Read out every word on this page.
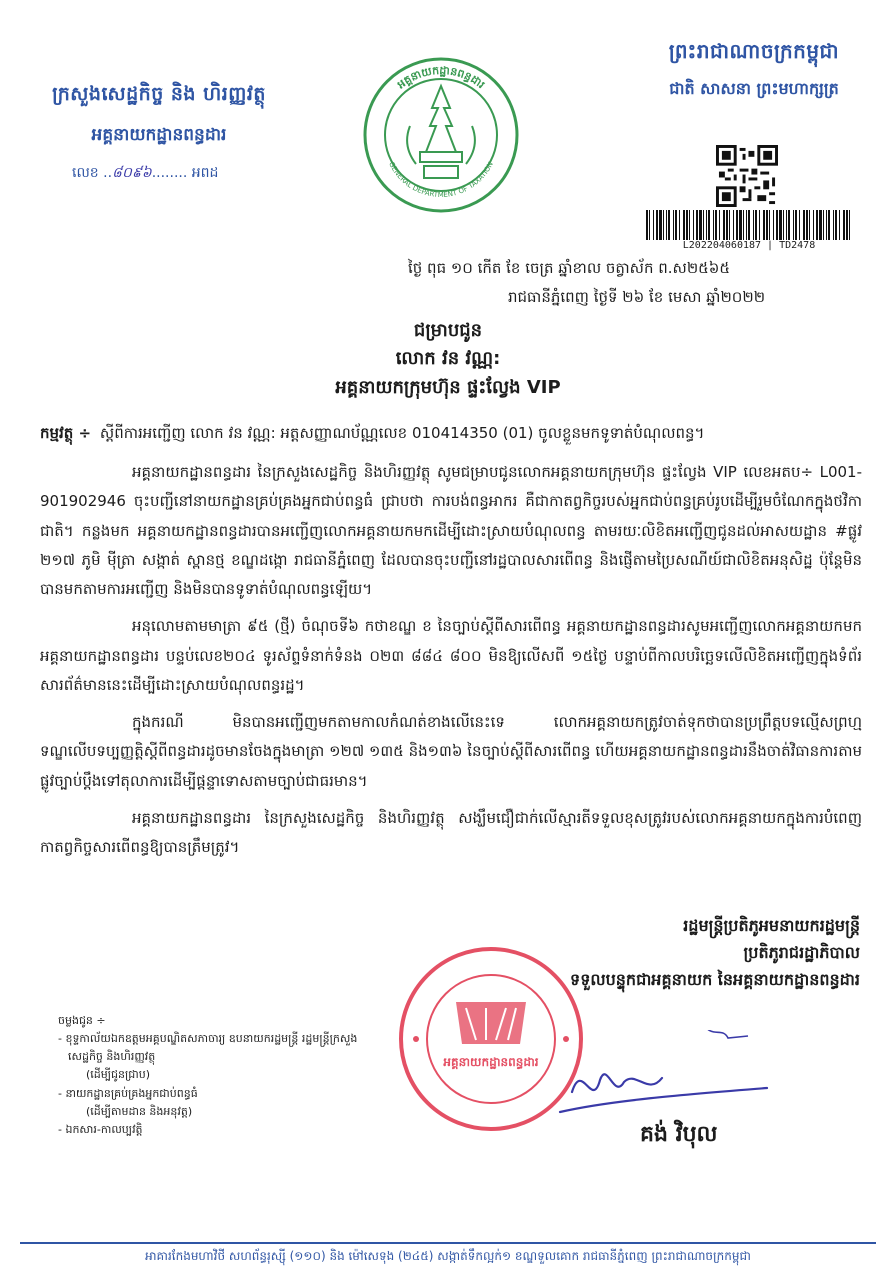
ក្រសួងសេដ្ឋកិច្ច និង ហិរញ្ញវត្ថុ
អគ្គនាយកដ្ឋានពន្ធដារ
លេខ ..៨០៩៦........ អពដ
អគ្គនាយកដ្ឋានពន្ធដារ
GENERAL DEPARTMENT OF TAXATION
ព្រះរាជាណាចក្រកម្ពុជា
ជាតិ សាសនា ព្រះមហាក្សត្រ
L202204060187 | TD2478
ថ្ងៃ ពុធ ១០ កើត ខែ ចេត្រ ឆ្នាំខាល ចត្វាស័ក ព.ស២៥៦៥
រាជធានីភ្នំពេញ ថ្ងៃទី ២៦ ខែ មេសា ឆ្នាំ២០២២
ជម្រាបជូន
លោក វន វណ្ណ:
អគ្គនាយកក្រុមហ៊ុន ផ្ទះល្វែង VIP
កម្មវត្ថុ ÷ ស្តីពីការអញ្ជើញ លោក វន វណ្ណ: អត្តសញ្ញាណប័ណ្ណលេខ 010414350 (01) ចូលខ្លួនមកទូទាត់បំណុលពន្ធ។

អគ្គនាយកដ្ឋានពន្ធដារ នៃក្រសួងសេដ្ឋកិច្ច និងហិរញ្ញវត្ថុ សូមជម្រាបជូនលោកអគ្គនាយកក្រុមហ៊ុន ផ្ទះល្វែង VIP លេខអតប÷ L001-901902946 ចុះបញ្ជីនៅនាយកដ្ឋានគ្រប់គ្រងអ្នកជាប់ពន្ធធំ ជ្រាបថា ការបង់ពន្ធអាករ គឺជាកាតព្វកិច្ចរបស់អ្នកជាប់ពន្ធគ្រប់រូបដើម្បីរួមចំណែកក្នុងថវិកាជាតិ។ កន្លងមក អគ្គនាយកដ្ឋានពន្ធដារបានអញ្ជើញលោកអគ្គនាយកមកដើម្បីដោះស្រាយបំណុលពន្ធ តាមរយៈលិខិតអញ្ជើញជូនដល់អាសយដ្ឋាន #ផ្លូវ ២១៧ ភូមិ មុីត្រា សង្កាត់ ស្ពានថ្ម ខណ្ឌដង្កោ រាជធានីភ្នំពេញ ដែលបានចុះបញ្ជីនៅរដ្ឋបាលសារពើពន្ធ និងផ្ញើតាមប្រៃសណីយ៍ជាលិខិតអនុសិដ្ឋ ប៉ុន្តែមិនបានមកតាមការអញ្ជើញ និងមិនបានទូទាត់បំណុលពន្ធឡើយ។

អនុលោមតាមមាត្រា ៩៥ (ថ្មី) ចំណុចទី៦ កថាខណ្ឌ ខ នៃច្បាប់ស្តីពីសារពើពន្ធ អគ្គនាយកដ្ឋានពន្ធដារសូមអញ្ជើញលោកអគ្គនាយកមកអគ្គនាយកដ្ឋានពន្ធដារ បន្ទប់លេខ២០៤ ទូរស័ព្ទទំនាក់ទំនង ០២៣ ៨៨៤ ៨០០ មិនឱ្យលើសពី ១៥ថ្ងៃ បន្ទាប់ពីកាលបរិច្ឆេទលើលិខិតអញ្ជើញក្នុងទំព័រសារព័ត៌មាននេះដើម្បីដោះស្រាយបំណុលពន្ធរដ្ឋ។

ក្នុងករណី មិនបានអញ្ជើញមកតាមកាលកំណត់ខាងលើនេះទេ លោកអគ្គនាយកត្រូវចាត់ទុកថាបានប្រព្រឹត្តបទល្មើសព្រហ្មទណ្ឌលើបទប្បញ្ញត្តិស្តីពីពន្ធដារដូចមានចែងក្នុងមាត្រា ១២៧ ១៣៥ និង១៣៦ នៃច្បាប់ស្តីពីសារពើពន្ធ ហើយអគ្គនាយកដ្ឋានពន្ធដារនឹងចាត់វិធានការតាមផ្លូវច្បាប់ប្តឹងទៅតុលាការដើម្បីផ្តន្ទាទោសតាមច្បាប់ជាធរមាន។

អគ្គនាយកដ្ឋានពន្ធដារ នៃក្រសួងសេដ្ឋកិច្ច និងហិរញ្ញវត្ថុ សង្ឃឹមជឿជាក់លើស្មារតីទទួលខុសត្រូវរបស់លោកអគ្គនាយកក្នុងការបំពេញកាតព្វកិច្ចសារពើពន្ធឱ្យបានត្រឹមត្រូវ។

រដ្ឋមន្ត្រីប្រតិភូអមនាយករដ្ឋមន្ត្រី
ប្រតិភូរាជរដ្ឋាភិបាល
ទទួលបន្ទុកជាអគ្គនាយក នៃអគ្គនាយកដ្ឋានពន្ធដារ
អគ្គនាយកដ្ឋានពន្ធដារ
គង់ វិបុល
ចម្លងជូន ÷
- ខុទ្ទកាល័យឯកឧត្តមអគ្គបណ្ឌិតសភាចារ្យ ឧបនាយករដ្ឋមន្ត្រី រដ្ឋមន្ត្រីក្រសួងសេដ្ឋកិច្ច និងហិរញ្ញវត្ថុ
(ដើម្បីជូនជ្រាប)
- នាយកដ្ឋានគ្រប់គ្រងអ្នកជាប់ពន្ធធំ
(ដើម្បីតាមដាន និងអនុវត្ត)
- ឯកសារ-កាលប្បវត្តិ
អាគារកែងមហាវិថី សហព័ន្ធរុស្ស៊ី (១១០) និង ម៉ៅសេទុង (២៤៥) សង្កាត់ទឹកល្អក់១ ខណ្ឌទួលគោក រាជធានីភ្នំពេញ ព្រះរាជាណាចក្រកម្ពុជា
